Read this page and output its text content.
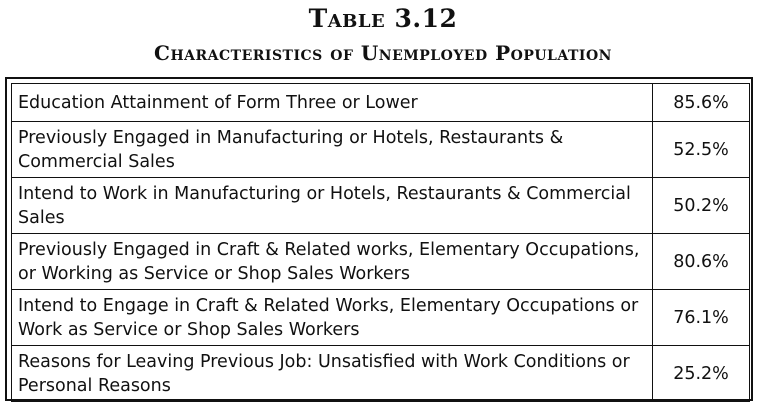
Table 3.12
Characteristics of Unemployed Population
Education Attainment of Form Three or Lower	85.6%
Previously Engaged in Manufacturing or Hotels, Restaurants & Commercial Sales	52.5%
Intend to Work in Manufacturing or Hotels, Restaurants & Commercial Sales	50.2%
Previously Engaged in Craft & Related works, Elementary Occupations, or Working as Service or Shop Sales Workers	80.6%
Intend to Engage in Craft & Related Works, Elementary Occupations or Work as Service or Shop Sales Workers	76.1%
Reasons for Leaving Previous Job: Unsatisfied with Work Conditions or Personal Reasons	25.2%
